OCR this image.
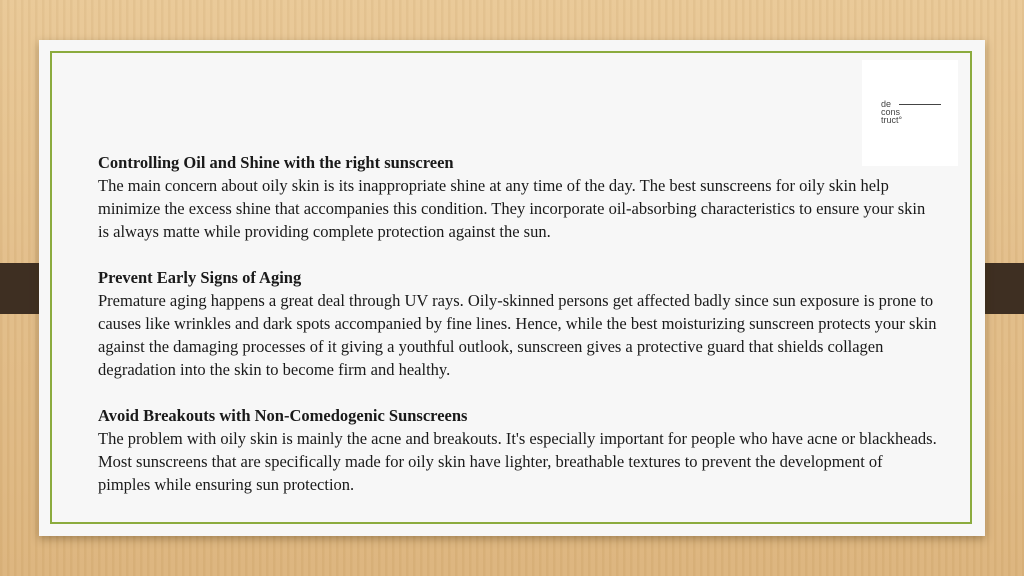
de
cons
truct°
Controlling Oil and Shine with the right sunscreen
The main concern about oily skin is its inappropriate shine at any time of the day. The best sunscreens for oily skin help minimize the excess shine that accompanies this condition. They incorporate oil-absorbing characteristics to ensure your skin is always matte while providing complete protection against the sun.
Prevent Early Signs of Aging
Premature aging happens a great deal through UV rays. Oily-skinned persons get affected badly since sun exposure is prone to causes like wrinkles and dark spots accompanied by fine lines. Hence, while the best moisturizing sunscreen protects your skin against the damaging processes of it giving a youthful outlook, sunscreen gives a protective guard that shields collagen degradation into the skin to become firm and healthy.
Avoid Breakouts with Non-Comedogenic Sunscreens
The problem with oily skin is mainly the acne and breakouts. It's especially important for people who have acne or blackheads. Most sunscreens that are specifically made for oily skin have lighter, breathable textures to prevent the development of pimples while ensuring sun protection.
